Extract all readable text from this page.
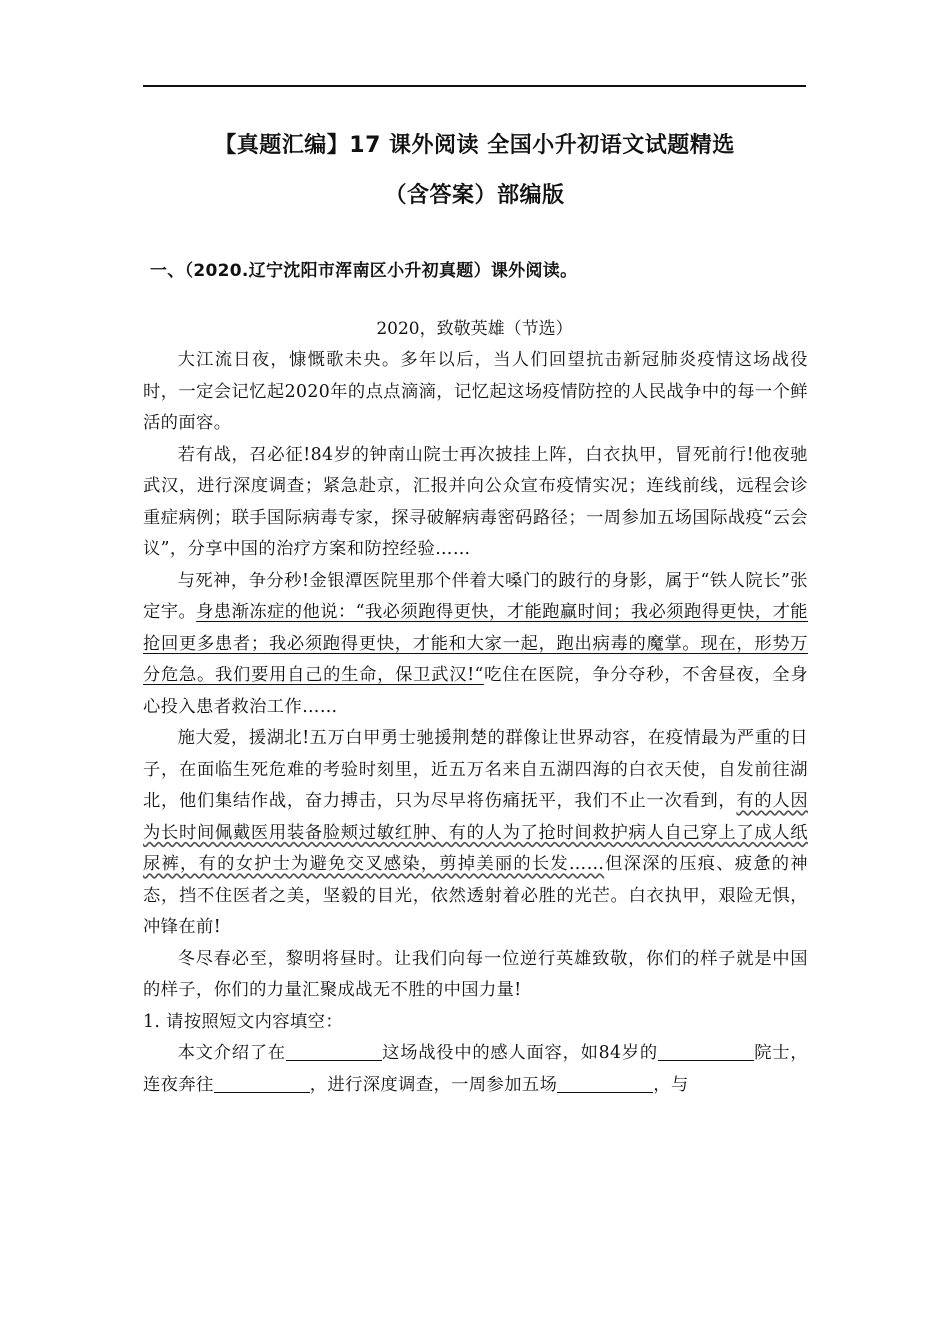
【真题汇编】17 课外阅读 全国小升初语文试题精选
（含答案）部编版
一、（2020.辽宁沈阳市浑南区小升初真题）课外阅读。
2020，致敬英雄（节选）

大江流日夜，慷慨歌未央。多年以后，当人们回望抗击新冠肺炎疫情这场战役时，一定会记忆起2020年的点点滴滴，记忆起这场疫情防控的人民战争中的每一个鲜活的面容。

若有战，召必征!84岁的钟南山院士再次披挂上阵，白衣执甲，冒死前行!他夜驰武汉，进行深度调查；紧急赴京，汇报并向公众宣布疫情实况；连线前线，远程会诊重症病例；联手国际病毒专家，探寻破解病毒密码路径；一周参加五场国际战疫“云会议”，分享中国的治疗方案和防控经验……

与死神，争分秒!金银潭医院里那个伴着大嗓门的跛行的身影，属于“铁人院长”张定宇。身患渐冻症的他说：“我必须跑得更快，才能跑赢时间；我必须跑得更快，才能抢回更多患者；我必须跑得更快，才能和大家一起，跑出病毒的魔掌。现在，形势万分危急。我们要用自己的生命，保卫武汉!“吃住在医院，争分夺秒，不舍昼夜，全身心投入患者救治工作……

施大爱，援湖北!五万白甲勇士驰援荆楚的群像让世界动容，在疫情最为严重的日子，在面临生死危难的考验时刻里，近五万名来自五湖四海的白衣天使，自发前往湖北，他们集结作战，奋力搏击，只为尽早将伤痛抚平，我们不止一次看到，有的人因为长时间佩戴医用装备脸颊过敏红肿、有的人为了抢时间救护病人自己穿上了成人纸尿裤，有的女护士为避免交叉感染，剪掉美丽的长发……但深深的压痕、疲惫的神态，挡不住医者之美，坚毅的目光，依然透射着必胜的光芒。白衣执甲，艰险无惧，冲锋在前!

冬尽春必至，黎明将昼时。让我们向每一位逆行英雄致敬，你们的样子就是中国的样子，你们的力量汇聚成战无不胜的中国力量!

1. 请按照短文内容填空：

本文介绍了在	这场战役中的感人面容，如84岁的	院士，连夜奔往	，进行深度调查，一周参加五场	，与
